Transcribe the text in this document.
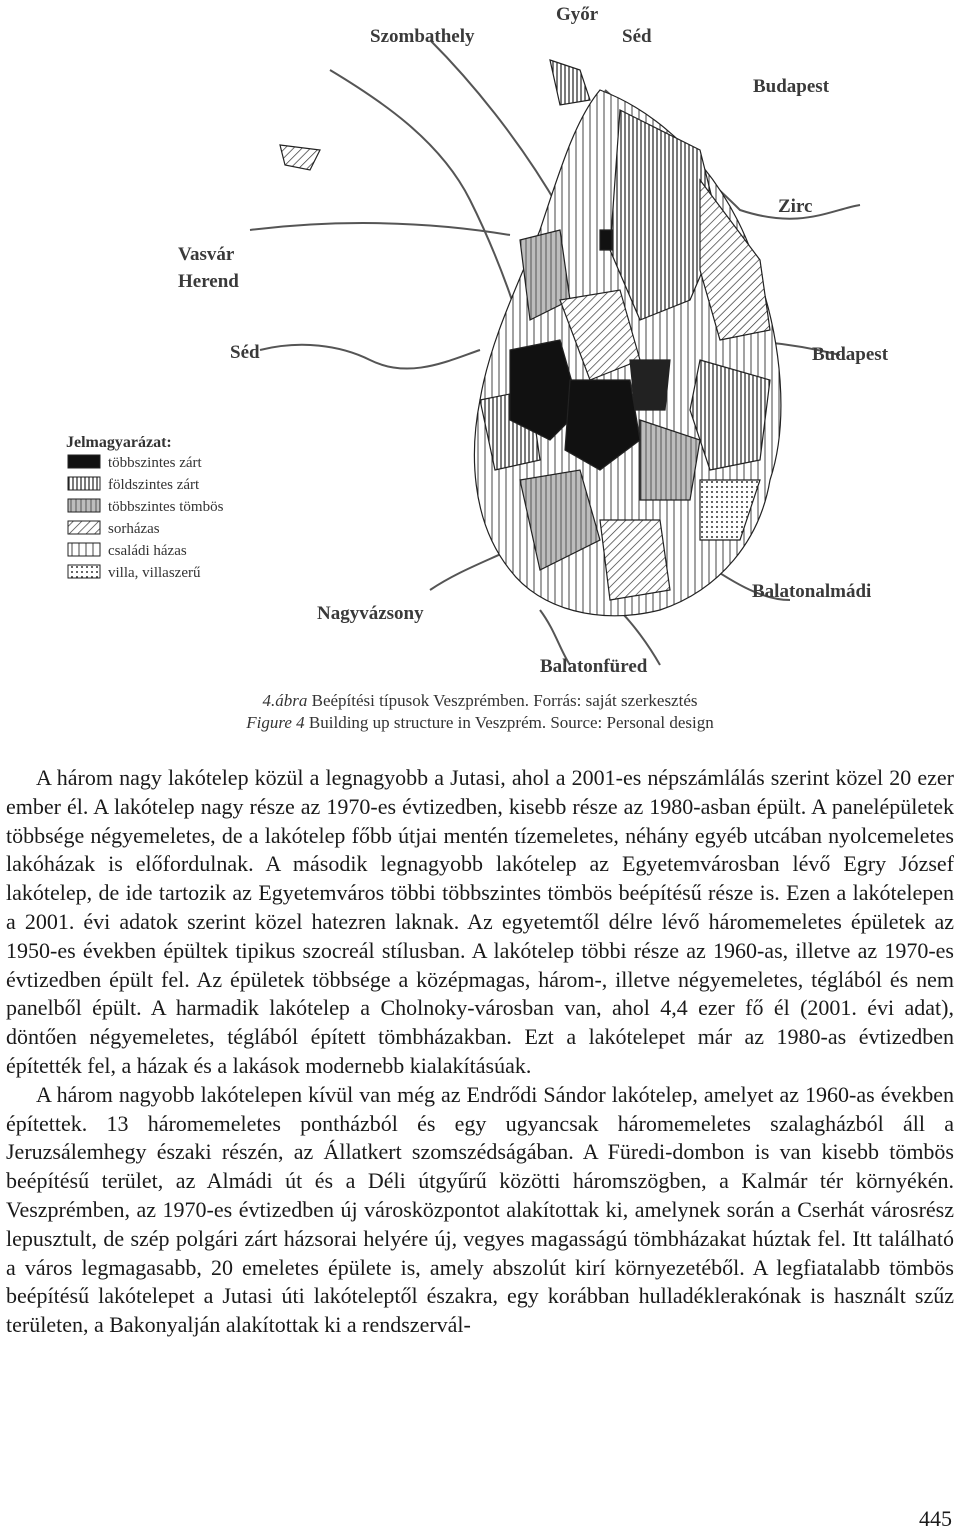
Szombathely
Győr
Séd
Budapest
Zirc
Vasvár
Herend
Séd	Budapest
Balatonalmádi
Nagyvázsony
Balatonfüred
Jelmagyarázat:
többszintes zárt
földszintes zárt
többszintes tömbös
sorházas
családi házas
villa, villaszerű
4.ábra Beépítési típusok Veszprémben. Forrás: saját szerkesztés
Figure 4 Building up structure in Veszprém. Source: Personal design

A három nagy lakótelep közül a legnagyobb a Jutasi, ahol a 2001-es népszámlálás szerint közel 20 ezer ember él. A lakótelep nagy része az 1970-es évtizedben, kisebb része az 1980-asban épült. A panelépületek többsége négyemeletes, de a lakótelep főbb útjai mentén tízemeletes, néhány egyéb utcában nyolcemeletes lakóházak is előfordulnak. A második legnagyobb lakótelep az Egyetemvárosban lévő Egry József lakótelep, de ide tartozik az Egyetemváros többi többszintes tömbös beépítésű része is. Ezen a lakótelepen a 2001. évi adatok szerint közel hatezren laknak. Az egyetemtől délre lévő háromemeletes épületek az 1950-es években épültek tipikus szocreál stílusban. A lakótelep többi része az 1960-as, illetve az 1970-es évtizedben épült fel. Az épületek többsége a középmagas, három-, illetve négyemeletes, téglából és nem panelből épült. A harmadik lakótelep a Cholnoky-városban van, ahol 4,4 ezer fő él (2001. évi adat), döntően négyemeletes, téglából épített tömbházakban. Ezt a lakótelepet már az 1980-as évtizedben építették fel, a házak és a lakások modernebb kialakításúak.

A három nagyobb lakótelepen kívül van még az Endrődi Sándor lakótelep, amelyet az 1960-as években építettek. 13 háromemeletes pontházból és egy ugyancsak háromemeletes szalagházból áll a Jeruzsálemhegy északi részén, az Állatkert szomszédságában. A Füredi-dombon is van kisebb tömbös beépítésű terület, az Almádi út és a Déli útgyűrű közötti háromszögben, a Kalmár tér környékén. Veszprémben, az 1970-es évtizedben új városközpontot alakítottak ki, amelynek során a Cserhát városrész lepusztult, de szép polgári zárt házsorai helyére új, vegyes magasságú tömbházakat húztak fel. Itt található a város legmagasabb, 20 emeletes épülete is, amely abszolút kirí környezetéből. A legfiatalabb tömbös beépítésű lakótelepet a Jutasi úti lakóteleptől északra, egy korábban hulladéklerakónak is használt szűz területen, a Bakonyalján alakítottak ki a rendszervál-

445
